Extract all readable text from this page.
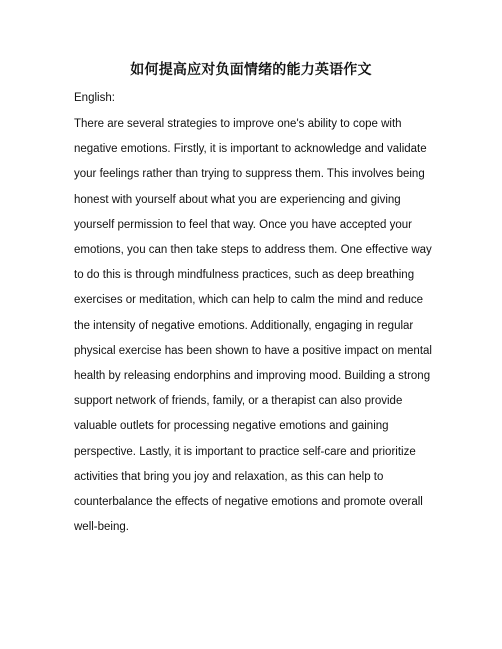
如何提高应对负面情绪的能力英语作文
English:

There are several strategies to improve one's ability to cope with negative emotions. Firstly, it is important to acknowledge and validate your feelings rather than trying to suppress them. This involves being honest with yourself about what you are experiencing and giving yourself permission to feel that way. Once you have accepted your emotions, you can then take steps to address them. One effective way to do this is through mindfulness practices, such as deep breathing exercises or meditation, which can help to calm the mind and reduce the intensity of negative emotions. Additionally, engaging in regular physical exercise has been shown to have a positive impact on mental health by releasing endorphins and improving mood. Building a strong support network of friends, family, or a therapist can also provide valuable outlets for processing negative emotions and gaining perspective. Lastly, it is important to practice self-care and prioritize activities that bring you joy and relaxation, as this can help to counterbalance the effects of negative emotions and promote overall well-being.
